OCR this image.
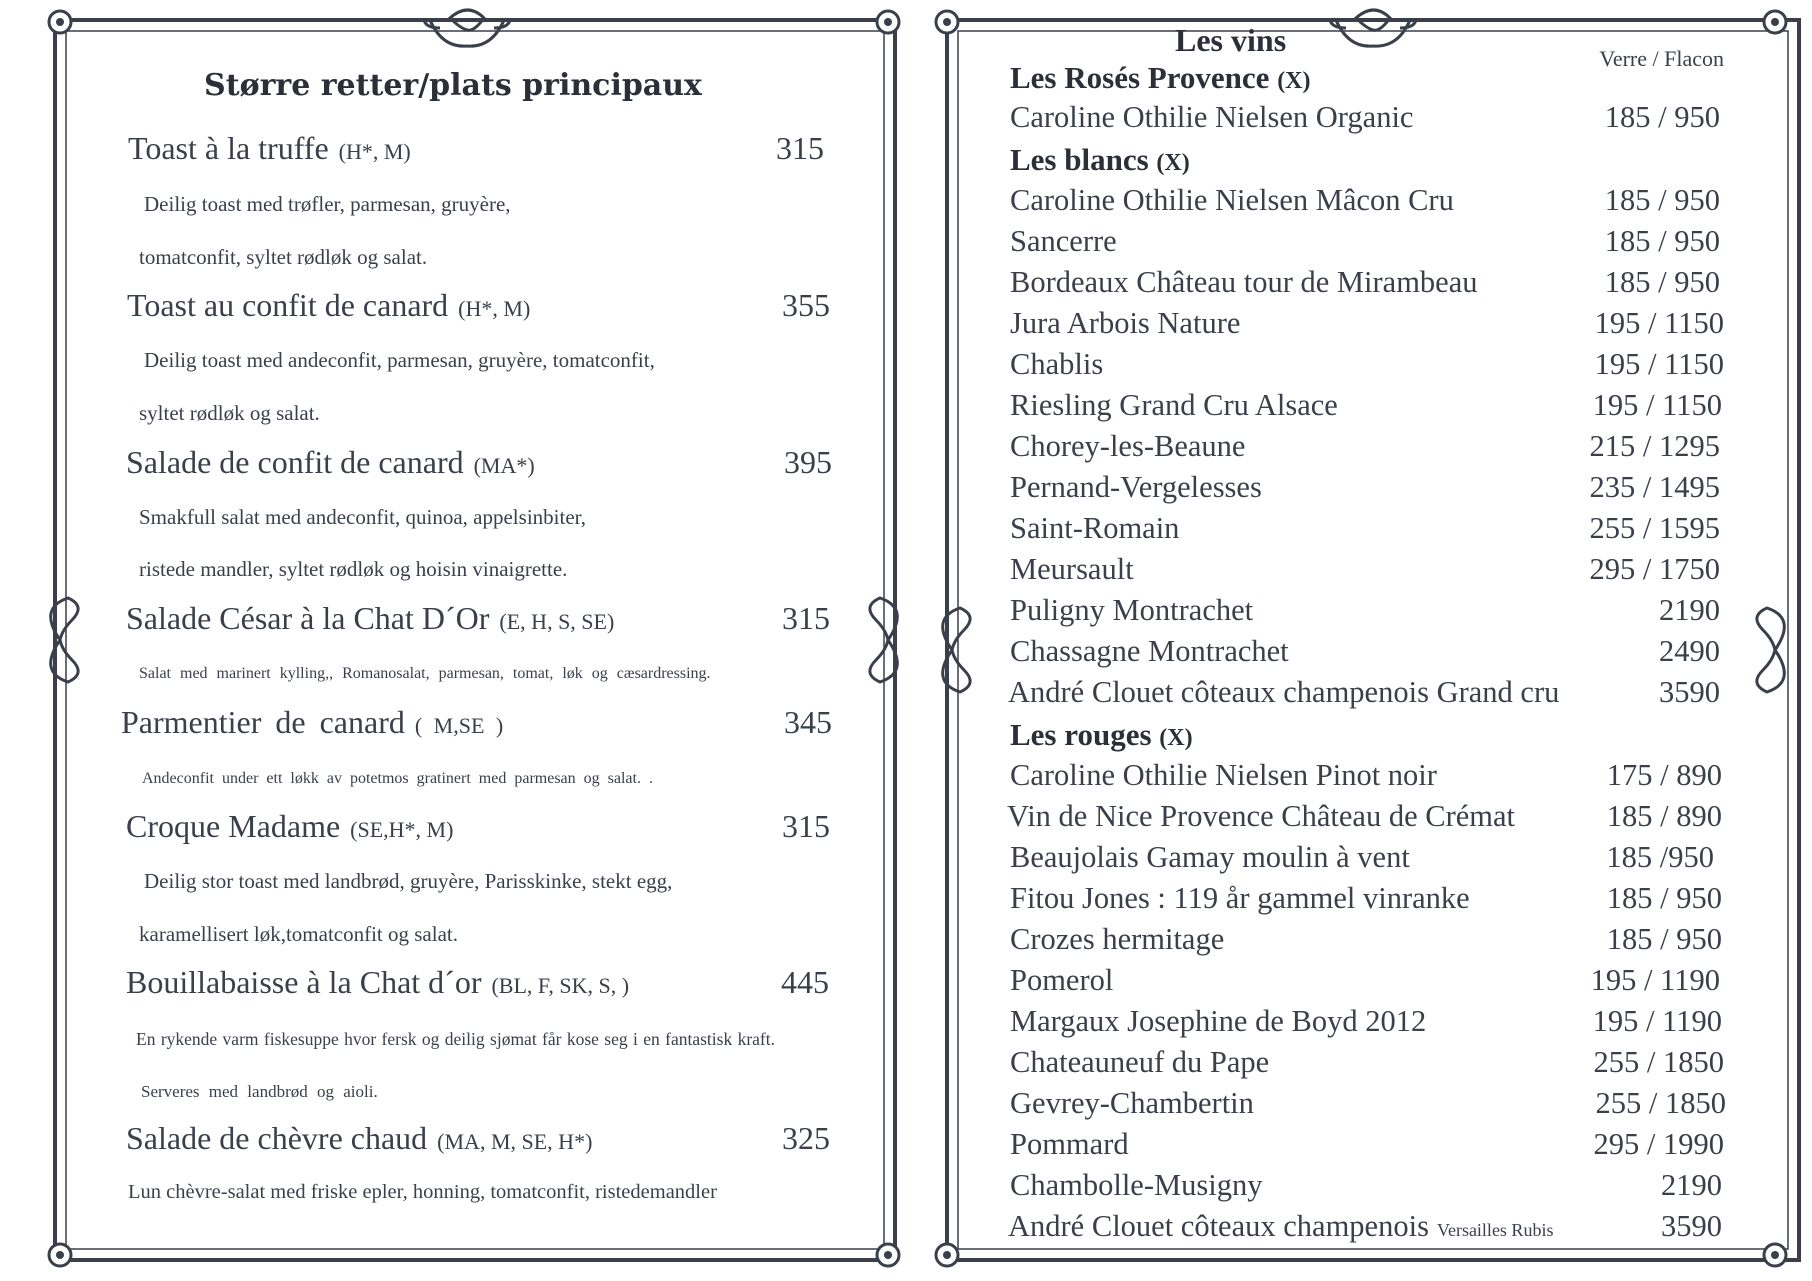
Større retter/plats principaux
Toast à la truffe (H*, M)	315
Deilig toast med trøfler, parmesan, gruyère,
tomatconfit, syltet rødløk og salat.
Toast au confit de canard (H*, M)	355
Deilig toast med andeconfit, parmesan, gruyère, tomatconfit,
syltet rødløk og salat.
Salade de confit de canard (MA*)	395
Smakfull salat med andeconfit, quinoa, appelsinbiter,
ristede mandler, syltet rødløk og hoisin vinaigrette.
Salade César à la Chat D´Or (E, H, S, SE)	315
Salat med marinert kylling,, Romanosalat, parmesan, tomat, løk og cæsardressing.
Parmentier de canard ( M,SE )	345
Andeconfit under ett løkk av potetmos gratinert med parmesan og salat. .
Croque Madame (SE,H*, M)	315
Deilig stor toast med landbrød, gruyère, Parisskinke, stekt egg,
karamellisert løk,tomatconfit og salat.
Bouillabaisse à la Chat d´or (BL, F, SK, S, )	445
En rykende varm fiskesuppe hvor fersk og deilig sjømat får kose seg i en fantastisk kraft.
Serveres med landbrød og aioli.
Salade de chèvre chaud (MA, M, SE, H*)	325
Lun chèvre-salat med friske epler, honning, tomatconfit, ristedemandler
Les vins
Verre / Flacon
Les Rosés Provence (X)
Caroline Othilie Nielsen Organic	185 / 950
Les blancs (X)
Caroline Othilie Nielsen Mâcon Cru	185 / 950
Sancerre	185 / 950
Bordeaux Château tour de Mirambeau	185 / 950
Jura Arbois Nature	195 / 1150
Chablis	195 / 1150
Riesling Grand Cru Alsace	195 / 1150
Chorey-les-Beaune	215 / 1295
Pernand-Vergelesses	235 / 1495
Saint-Romain	255 / 1595
Meursault	295 / 1750
Puligny Montrachet	2190
Chassagne Montrachet	2490
André Clouet côteaux champenois Grand cru	3590
Les rouges (X)
Caroline Othilie Nielsen Pinot noir	175 / 890
Vin de Nice Provence Château de Crémat	185 / 890
Beaujolais Gamay moulin à vent	185 /950
Fitou Jones : 119 år gammel vinranke	185 / 950
Crozes hermitage	185 / 950
Pomerol	195 / 1190
Margaux Josephine de Boyd 2012	195 / 1190
Chateauneuf du Pape	255 / 1850
Gevrey-Chambertin	255 / 1850
Pommard	295 / 1990
Chambolle-Musigny	2190
André Clouet côteaux champenois Versailles Rubis	3590
